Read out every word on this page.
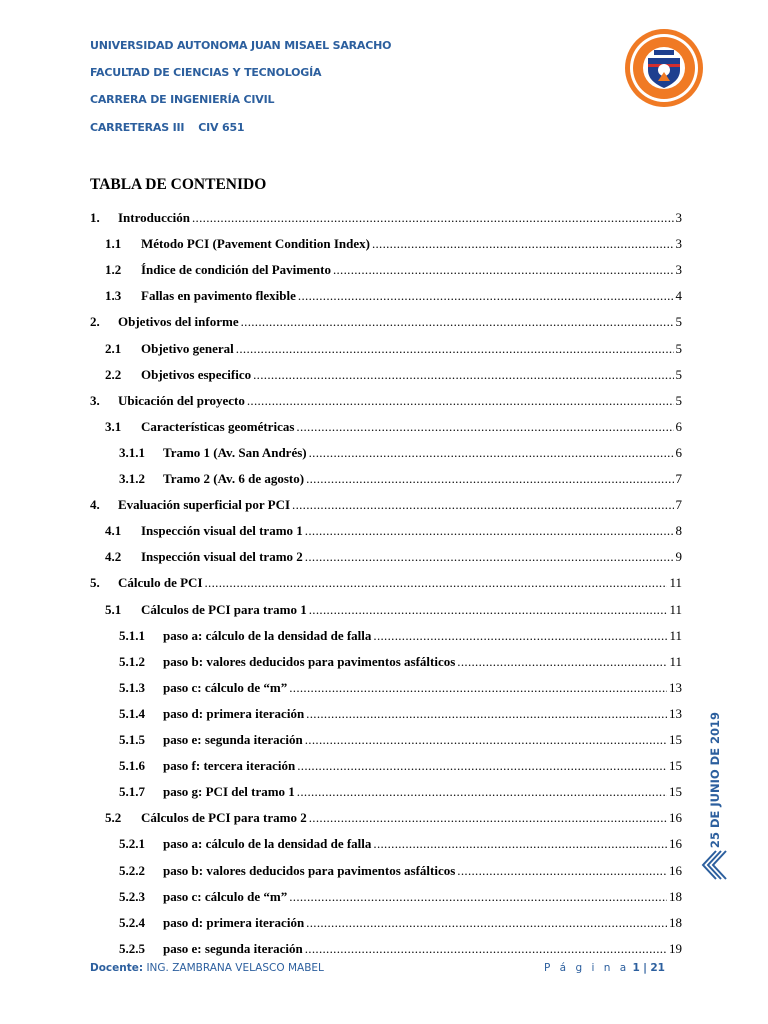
UNIVERSIDAD AUTONOMA JUAN MISAEL SARACHO
FACULTAD DE CIENCIAS Y TECNOLOGÍA
CARRERA DE INGENIERÍA CIVIL
CARRETERAS III CIV 651
TABLA DE CONTENIDO
1.	Introducción .....	3
1.1	Método PCI (Pavement Condition Index) .....	3
1.2	Índice de condición del Pavimento .....	3
1.3	Fallas en pavimento flexible .....	4
2.	Objetivos del informe .....	5
2.1	Objetivo general .....	5
2.2	Objetivos especifico .....	5
3.	Ubicación del proyecto .....	5
3.1	Características geométricas .....	6
3.1.1	Tramo 1 (Av. San Andrés) .....	6
3.1.2	Tramo 2 (Av. 6 de agosto) .....	7
4.	Evaluación superficial por PCI .....	7
4.1	Inspección visual del tramo 1 .....	8
4.2	Inspección visual del tramo 2 .....	9
5.	Cálculo de PCI .....	11
5.1	Cálculos de PCI para tramo 1 .....	11
5.1.1	paso a: cálculo de la densidad de falla .....	11
5.1.2	paso b: valores deducidos para pavimentos asfálticos .....	11
5.1.3	paso c: cálculo de “m” .....	13
5.1.4	paso d: primera iteración .....	13
5.1.5	paso e: segunda iteración .....	15
5.1.6	paso f: tercera iteración .....	15
5.1.7	paso g: PCI del tramo 1 .....	15
5.2	Cálculos de PCI para tramo 2 .....	16
5.2.1	paso a: cálculo de la densidad de falla .....	16
5.2.2	paso b: valores deducidos para pavimentos asfálticos .....	16
5.2.3	paso c: cálculo de “m” .....	18
5.2.4	paso d: primera iteración .....	18
5.2.5	paso e: segunda iteración .....	19
25 DE JUNIO DE 2019
Docente: ING. ZAMBRANA VELASCO MABEL	P á g i n a 1 | 21
